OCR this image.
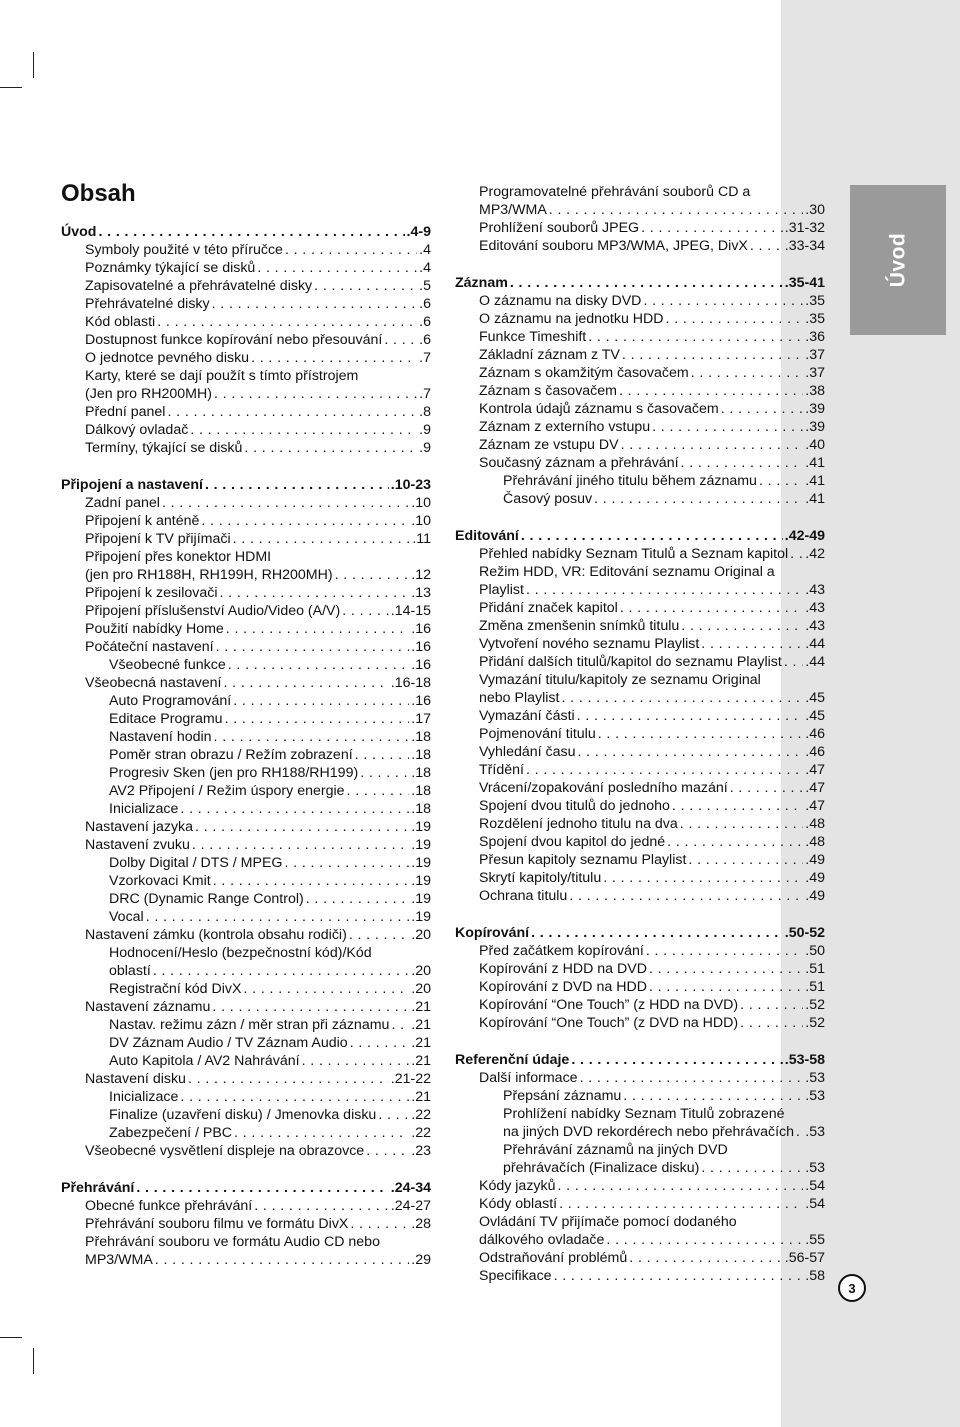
Úvod
Obsah
Úvod . . .	.4-9
Symboly použité v této příručce . . .	.4
Poznámky týkající se disků . . .	.4
Zapisovatelné a přehrávatelné disky . . .	.5
Přehrávatelné disky . . .	.6
Kód oblasti . . .	.6
Dostupnost funkce kopírování nebo přesouvání . . .	.6
O jednotce pevného disku . . .	.7
Karty, které se dají použít s tímto přístrojem
(Jen pro RH200MH) . . .	.7
Přední panel . . .	.8
Dálkový ovladač . . .	.9
Termíny, týkající se disků . . .	.9
Připojení a nastavení . . .	.10-23
Zadní panel . . .	.10
Připojení k anténě . . .	.10
Připojení k TV přijímači . . .	.11
Připojení přes konektor HDMI
(jen pro RH188H, RH199H, RH200MH) . . .	.12
Připojení k zesilovači . . .	.13
Připojení příslušenství Audio/Video (A/V) . . .	.14-15
Použití nabídky Home . . .	.16
Počáteční nastavení . . .	.16
Všeobecné funkce . . .	.16
Všeobecná nastavení . . .	.16-18
Auto Programování . . .	.16
Editace Programu . . .	.17
Nastavení hodin . . .	.18
Poměr stran obrazu / Režím zobrazení . . .	.18
Progresiv Sken (jen pro RH188/RH199) . . .	.18
AV2 Připojení / Režim úspory energie . . .	.18
Inicializace . . .	.18
Nastavení jazyka . . .	.19
Nastavení zvuku . . .	.19
Dolby Digital / DTS / MPEG . . .	.19
Vzorkovaci Kmit . . .	.19
DRC (Dynamic Range Control) . . .	.19
Vocal . . .	.19
Nastavení zámku (kontrola obsahu rodiči) . . .	.20
Hodnocení/Heslo (bezpečnostní kód)/Kód
oblastí . . .	.20
Registrační kód DivX . . .	.20
Nastavení záznamu . . .	.21
Nastav. režimu zázn / měr stran při záznamu . . . .21
DV Záznam Audio / TV Záznam Audio . . .	.21
Auto Kapitola / AV2 Nahrávání . . .	.21
Nastavení disku . . .	.21-22
Inicializace . . .	.21
Finalize (uzavření disku) / Jmenovka disku . . . .22
Zabezpečení / PBC . . .	.22
Všeobecné vysvětlení displeje na obrazovce . . .	.23
Přehrávání . . .	.24-34
Obecné funkce přehrávání . . .	.24-27
Přehrávání souboru filmu ve formátu DivX . . .	.28
Přehrávání souboru ve formátu Audio CD nebo
MP3/WMA . . .	.29
Programovatelné přehrávání souborů CD a
MP3/WMA . . .	.30
Prohlížení souborů JPEG . . .	.31-32
Editování souboru MP3/WMA, JPEG, DivX . . .	.33-34
Záznam . . .	.35-41
O záznamu na disky DVD . . .	.35
O záznamu na jednotku HDD . . .	.35
Funkce Timeshift . . .	.36
Základní záznam z TV . . .	.37
Záznam s okamžitým časovačem . . .	.37
Záznam s časovačem . . .	.38
Kontrola údajů záznamu s časovačem . . .	.39
Záznam z externího vstupu . . .	.39
Záznam ze vstupu DV . . .	.40
Současný záznam a přehrávání . . .	.41
Přehrávání jiného titulu během záznamu . . .	.41
Časový posuv . . .	.41
Editování . . .	.42-49
Přehled nabídky Seznam Titulů a Seznam kapitol . . . .42
Režim HDD, VR: Editování seznamu Original a
Playlist . . .	.43
Přidání značek kapitol . . .	.43
Změna zmenšenin snímků titulu . . .	.43
Vytvoření nového seznamu Playlist . . .	.44
Přidání dalších titulů/kapitol do seznamu Playlist . . . .44
Vymazání titulu/kapitoly ze seznamu Original
nebo Playlist . . .	.45
Vymazání části . . .	.45
Pojmenování titulu . . .	.46
Vyhledání času . . .	.46
Třídění . . .	.47
Vrácení/zopakování posledního mazání . . .	.47
Spojení dvou titulů do jednoho . . .	.47
Rozdělení jednoho titulu na dva . . .	.48
Spojení dvou kapitol do jedné . . .	.48
Přesun kapitoly seznamu Playlist . . .	.49
Skrytí kapitoly/titulu . . .	.49
Ochrana titulu . . .	.49
Kopírování . . .	.50-52
Před začátkem kopírování . . .	.50
Kopírování z HDD na DVD . . .	.51
Kopírování z DVD na HDD . . .	.51
Kopírování “One Touch” (z HDD na DVD) . . .	.52
Kopírování “One Touch” (z DVD na HDD) . . .	.52
Referenční údaje . . .	.53-58
Další informace . . .	.53
Přepsání záznamu . . .	.53
Prohlížení nabídky Seznam Titulů zobrazené
na jiných DVD rekordérech nebo přehrávačích . . . .53
Přehrávání záznamů na jiných DVD
přehrávačích (Finalizace disku) . . .	.53
Kódy jazyků . . .	.54
Kódy oblastí . . .	.54
Ovládání TV přijímače pomocí dodaného
dálkového ovladače . . .	.55
Odstraňování problémů . . .	.56-57
Specifikace . . .	.58
3
